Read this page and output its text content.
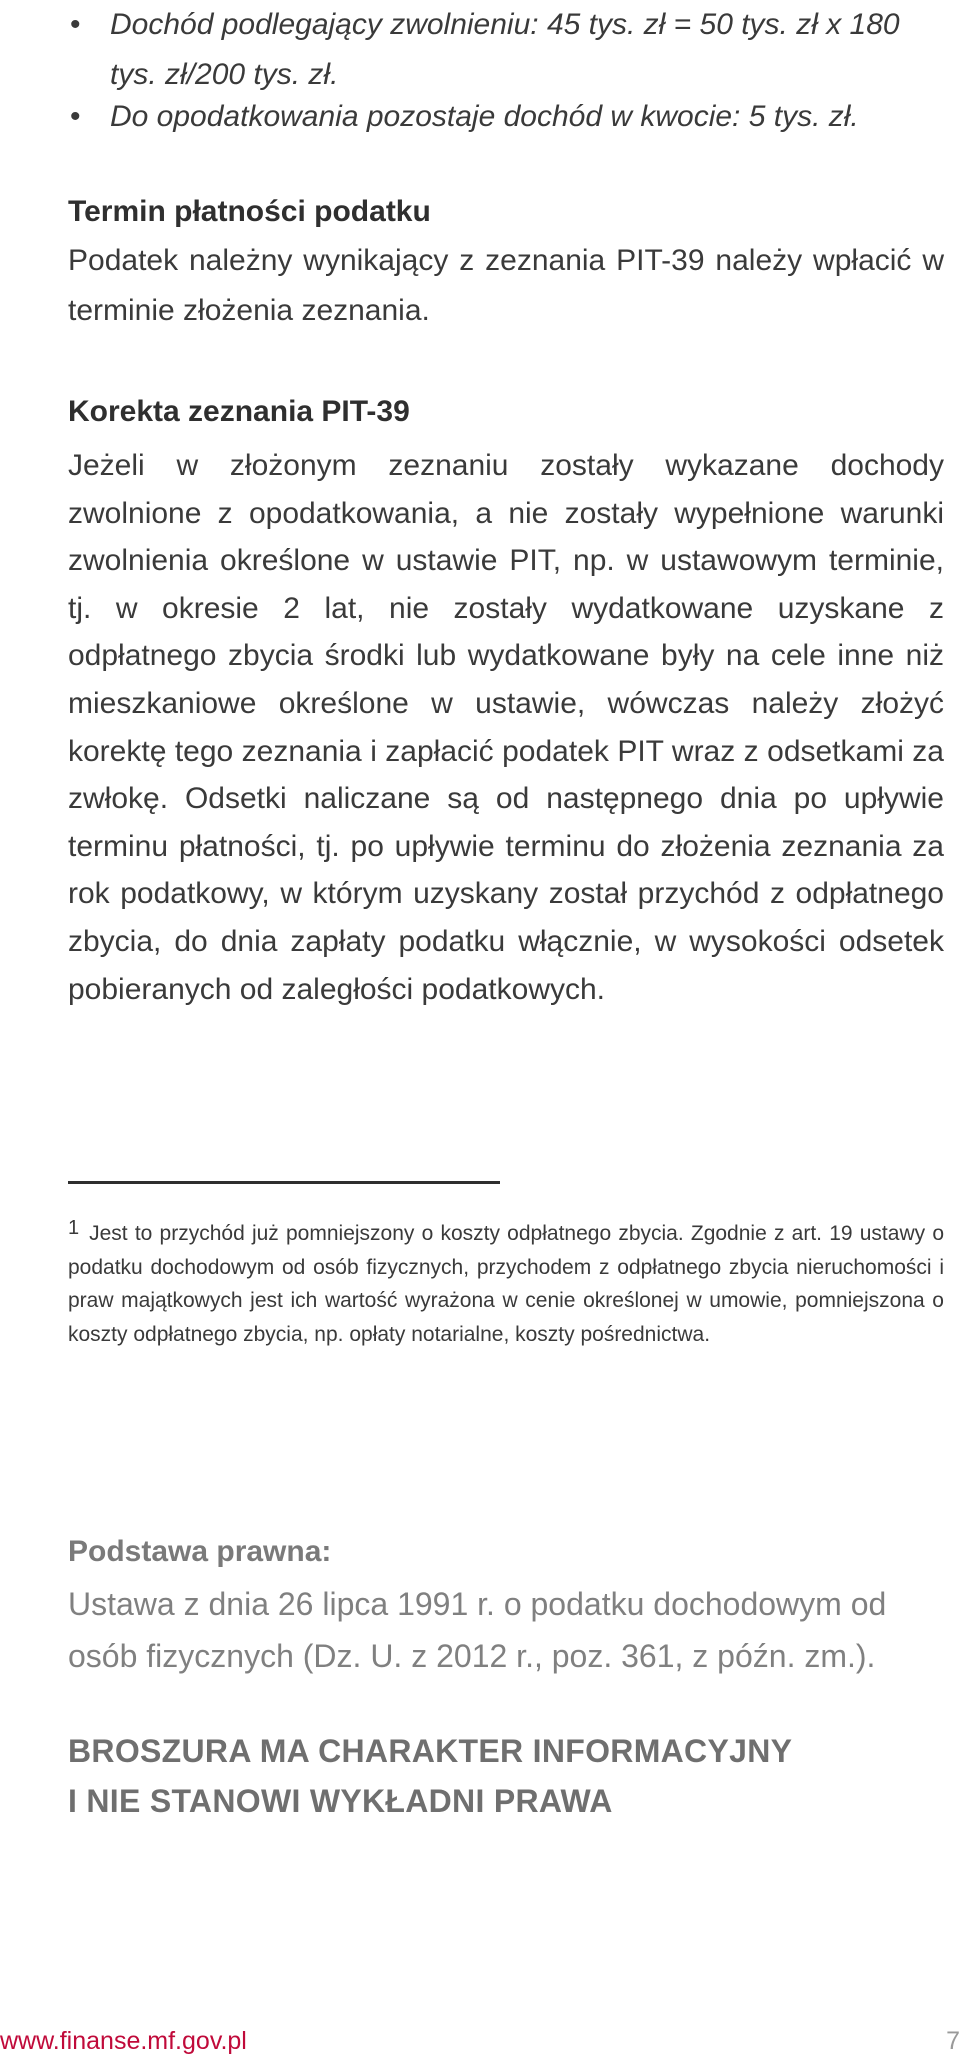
• Dochód podlegający zwolnieniu: 45 tys. zł = 50 tys. zł x 180 tys. zł/200 tys. zł.
• Do opodatkowania pozostaje dochód w kwocie: 5 tys. zł.
Termin płatności podatku

Podatek należny wynikający z zeznania PIT-39 należy wpłacić w terminie złożenia zeznania.

Korekta zeznania PIT-39

Jeżeli w złożonym zeznaniu zostały wykazane dochody zwolnione z opodatkowania, a nie zostały wypełnione warunki zwolnienia określone w ustawie PIT, np. w ustawowym terminie, tj. w okresie 2 lat, nie zostały wydatkowane uzyskane z odpłatnego zbycia środki lub wydatkowane były na cele inne niż mieszkaniowe określone w ustawie, wówczas należy złożyć korektę tego zeznania i zapłacić podatek PIT wraz z odsetkami za zwłokę. Odsetki naliczane są od następnego dnia po upływie terminu płatności, tj. po upływie terminu do złożenia zeznania za rok podatkowy, w którym uzyskany został przychód z odpłatnego zbycia, do dnia zapłaty podatku włącznie, w wysokości odsetek pobieranych od zaległości podatkowych.

$^1$ Jest to przychód już pomniejszony o koszty odpłatnego zbycia. Zgodnie z art. 19 ustawy o podatku dochodowym od osób fizycznych, przychodem z odpłatnego zbycia nieruchomości i praw majątkowych jest ich wartość wyrażona w cenie określonej w umowie, pomniejszona o koszty odpłatnego zbycia, np. opłaty notarialne, koszty pośrednictwa.
Podstawa prawna:

Ustawa z dnia 26 lipca 1991 r. o podatku dochodowym od osób fizycznych (Dz. U. z 2012 r., poz. 361, z późn. zm.).

BROSZURA MA CHARAKTER INFORMACYJNY
I NIE STANOWI WYKŁADNI PRAWA
www.finanse.mf.gov.pl	7
